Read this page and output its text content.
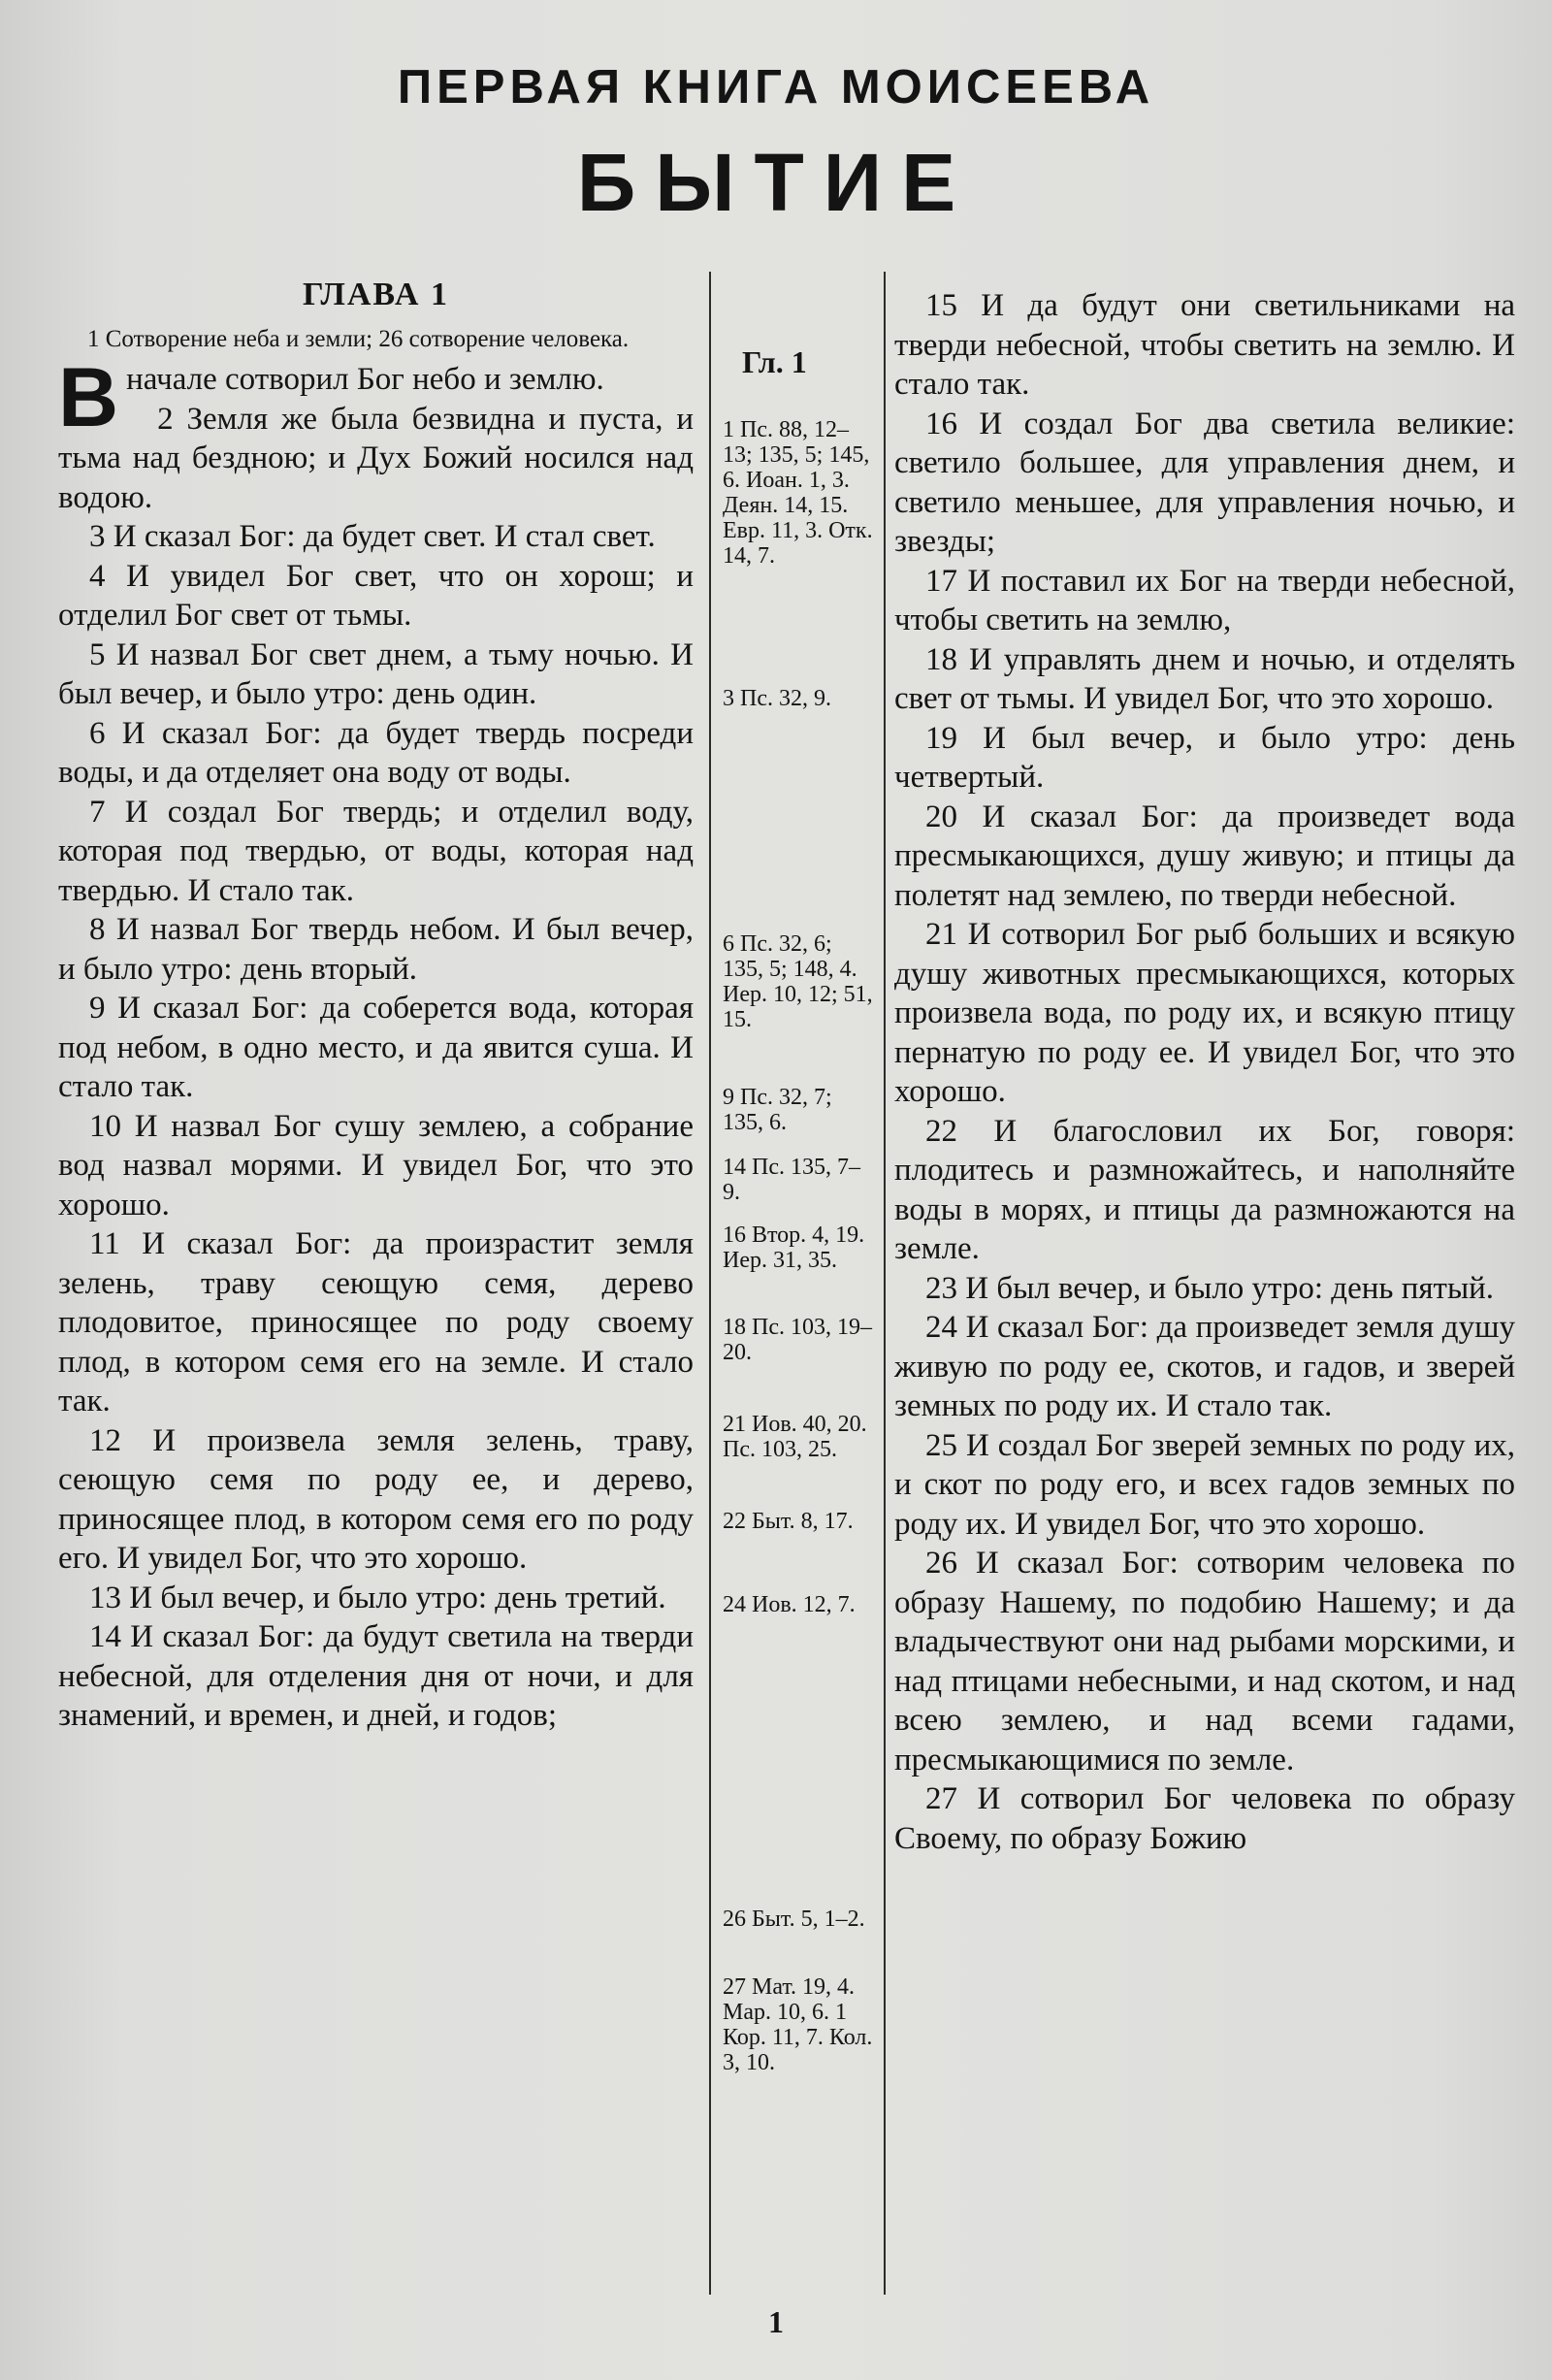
ПЕРВАЯ КНИГА МОИСЕЕВА
БЫТИЕ
ГЛАВА 1

1 Сотворение неба и земли; 26 сотворение человека.

Вначале сотворил Бог небо и землю.

2 Земля же была безвидна и пуста, и тьма над бездною; и Дух Божий носился над водою.

3 И сказал Бог: да будет свет. И стал свет.

4 И увидел Бог свет, что он хорош; и отделил Бог свет от тьмы.

5 И назвал Бог свет днем, а тьму ночью. И был вечер, и было утро: день один.

6 И сказал Бог: да будет твердь посреди воды, и да отделяет она воду от воды.

7 И создал Бог твердь; и отделил воду, которая под твердью, от воды, которая над твердью. И стало так.

8 И назвал Бог твердь небом. И был вечер, и было утро: день вторый.

9 И сказал Бог: да соберется вода, которая под небом, в одно место, и да явится суша. И стало так.

10 И назвал Бог сушу землею, а собрание вод назвал морями. И увидел Бог, что это хорошо.

11 И сказал Бог: да произрастит земля зелень, траву сеющую семя, дерево плодовитое, приносящее по роду своему плод, в котором семя его на земле. И стало так.

12 И произвела земля зелень, траву, сеющую семя по роду ее, и дерево, приносящее плод, в котором семя его по роду его. И увидел Бог, что это хорошо.

13 И был вечер, и было утро: день третий.

14 И сказал Бог: да будут светила на тверди небесной, для отделения дня от ночи, и для знамений, и времен, и дней, и годов;

Гл. 1

1 Пс. 88, 12–13; 135, 5; 145, 6. Иоан. 1, 3. Деян. 14, 15. Евр. 11, 3. Отк. 14, 7.

3 Пс. 32, 9.

6 Пс. 32, 6; 135, 5; 148, 4. Иер. 10, 12; 51, 15.

9 Пс. 32, 7; 135, 6.

14 Пс. 135, 7–9.

16 Втор. 4, 19. Иер. 31, 35.

18 Пс. 103, 19–20.

21 Иов. 40, 20. Пс. 103, 25.

22 Быт. 8, 17.

24 Иов. 12, 7.

26 Быт. 5, 1–2.

27 Мат. 19, 4. Мар. 10, 6. 1 Кор. 11, 7. Кол. 3, 10.

15 И да будут они светильниками на тверди небесной, чтобы светить на землю. И стало так.

16 И создал Бог два светила великие: светило большее, для управления днем, и светило меньшее, для управления ночью, и звезды;

17 И поставил их Бог на тверди небесной, чтобы светить на землю,

18 И управлять днем и ночью, и отделять свет от тьмы. И увидел Бог, что это хорошо.

19 И был вечер, и было утро: день четвертый.

20 И сказал Бог: да произведет вода пресмыкающихся, душу живую; и птицы да полетят над землею, по тверди небесной.

21 И сотворил Бог рыб больших и всякую душу животных пресмыкающихся, которых произвела вода, по роду их, и всякую птицу пернатую по роду ее. И увидел Бог, что это хорошо.

22 И благословил их Бог, говоря: плодитесь и размножайтесь, и наполняйте воды в морях, и птицы да размножаются на земле.

23 И был вечер, и было утро: день пятый.

24 И сказал Бог: да произведет земля душу живую по роду ее, скотов, и гадов, и зверей земных по роду их. И стало так.

25 И создал Бог зверей земных по роду их, и скот по роду его, и всех гадов земных по роду их. И увидел Бог, что это хорошо.

26 И сказал Бог: сотворим человека по образу Нашему, по подобию Нашему; и да владычествуют они над рыбами морскими, и над птицами небесными, и над скотом, и над всею землею, и над всеми гадами, пресмыкающимися по земле.

27 И сотворил Бог человека по образу Своему, по образу Божию

1
